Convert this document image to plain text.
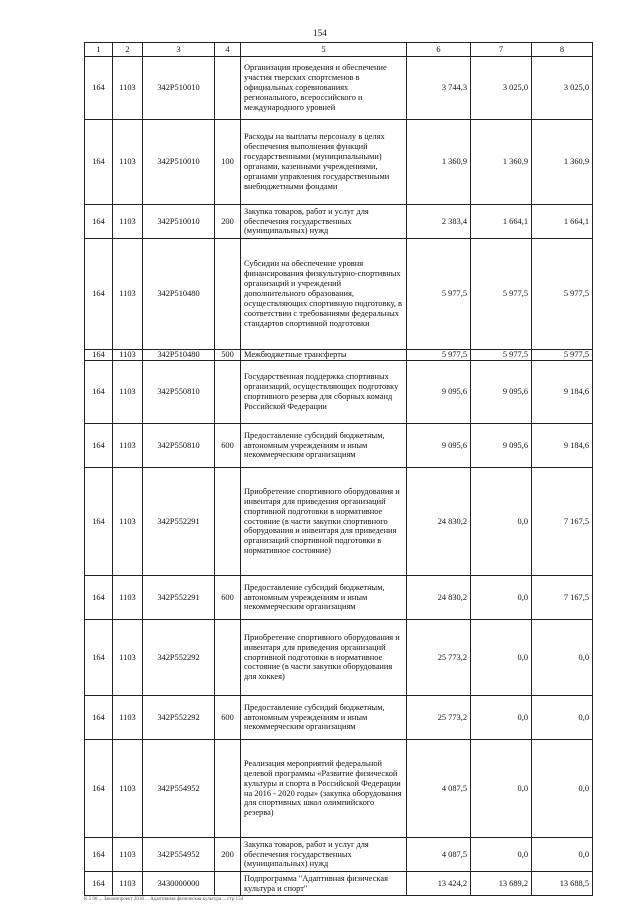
154
1	2	3	4	5	6	7	8
164	1103	342P510010		Организация проведения и обеспечение участия тверских спортсменов в официальных соревнованиях регионального, всероссийского и международного уровней	3 744,3	3 025,0	3 025,0
164	1103	342P510010	100	Расходы на выплаты персоналу в целях обеспечения выполнения функций государственными (муниципальными) органами, казенными учреждениями, органами управления государственными внебюджетными фондами	1 360,9	1 360,9	1 360,9
164	1103	342P510010	200	Закупка товаров, работ и услуг для обеспечения государственных (муниципальных) нужд	2 383,4	1 664,1	1 664,1
164	1103	342P510480		Субсидии на обеспечение уровня финансирования физкультурно-спортивных организаций и учреждений дополнительного образования, осуществляющих спортивную подготовку, в соответствии с требованиями федеральных стандартов спортивной подготовки	5 977,5	5 977,5	5 977,5
164	1103	342P510480	500	Межбюджетные трансферты	5 977,5	5 977,5	5 977,5
164	1103	342P550810		Государственная поддержка спортивных организаций, осуществляющих подготовку спортивного резерва для сборных команд Российской Федерации	9 095,6	9 095,6	9 184,6
164	1103	342P550810	600	Предоставление субсидий бюджетным, автономным учреждениям и иным некоммерческим организациям	9 095,6	9 095,6	9 184,6
164	1103	342P552291		Приобретение спортивного оборудования и инвентаря для приведения организаций спортивной подготовки в нормативное состояние (в части закупки спортивного оборудования и инвентаря для приведения организаций спортивной подготовки в нормативное состояние)	24 830,2	0,0	7 167,5
164	1103	342P552291	600	Предоставление субсидий бюджетным, автономным учреждениям и иным некоммерческим организациям	24 830,2	0,0	7 167,5
164	1103	342P552292		Приобретение спортивного оборудования и инвентаря для приведения организаций спортивной подготовки в нормативное состояние (в части закупки оборудования для хоккея)	25 773,2	0,0	0,0
164	1103	342P552292	600	Предоставление субсидий бюджетным, автономным учреждениям и иным некоммерческим организациям	25 773,2	0,0	0,0
164	1103	342P554952		Реализация мероприятий федеральной целевой программы «Развитие физической культуры и спорта в Российской Федерации на 2016 - 2020 годы» (закупка оборудования для спортивных школ олимпийского резерва)	4 087,5	0,0	0,0
164	1103	342P554952	200	Закупка товаров, работ и услуг для обеспечения государственных (муниципальных) нужд	4 087,5	0,0	0,0
164	1103	3430000000		Подпрограмма "Адаптивная физическая культура и спорт"	13 424,2	13 689,2	13 688,5
К 5 90 ... Законопроект 2018 ... Адаптивная физическая культура ... стр 154
